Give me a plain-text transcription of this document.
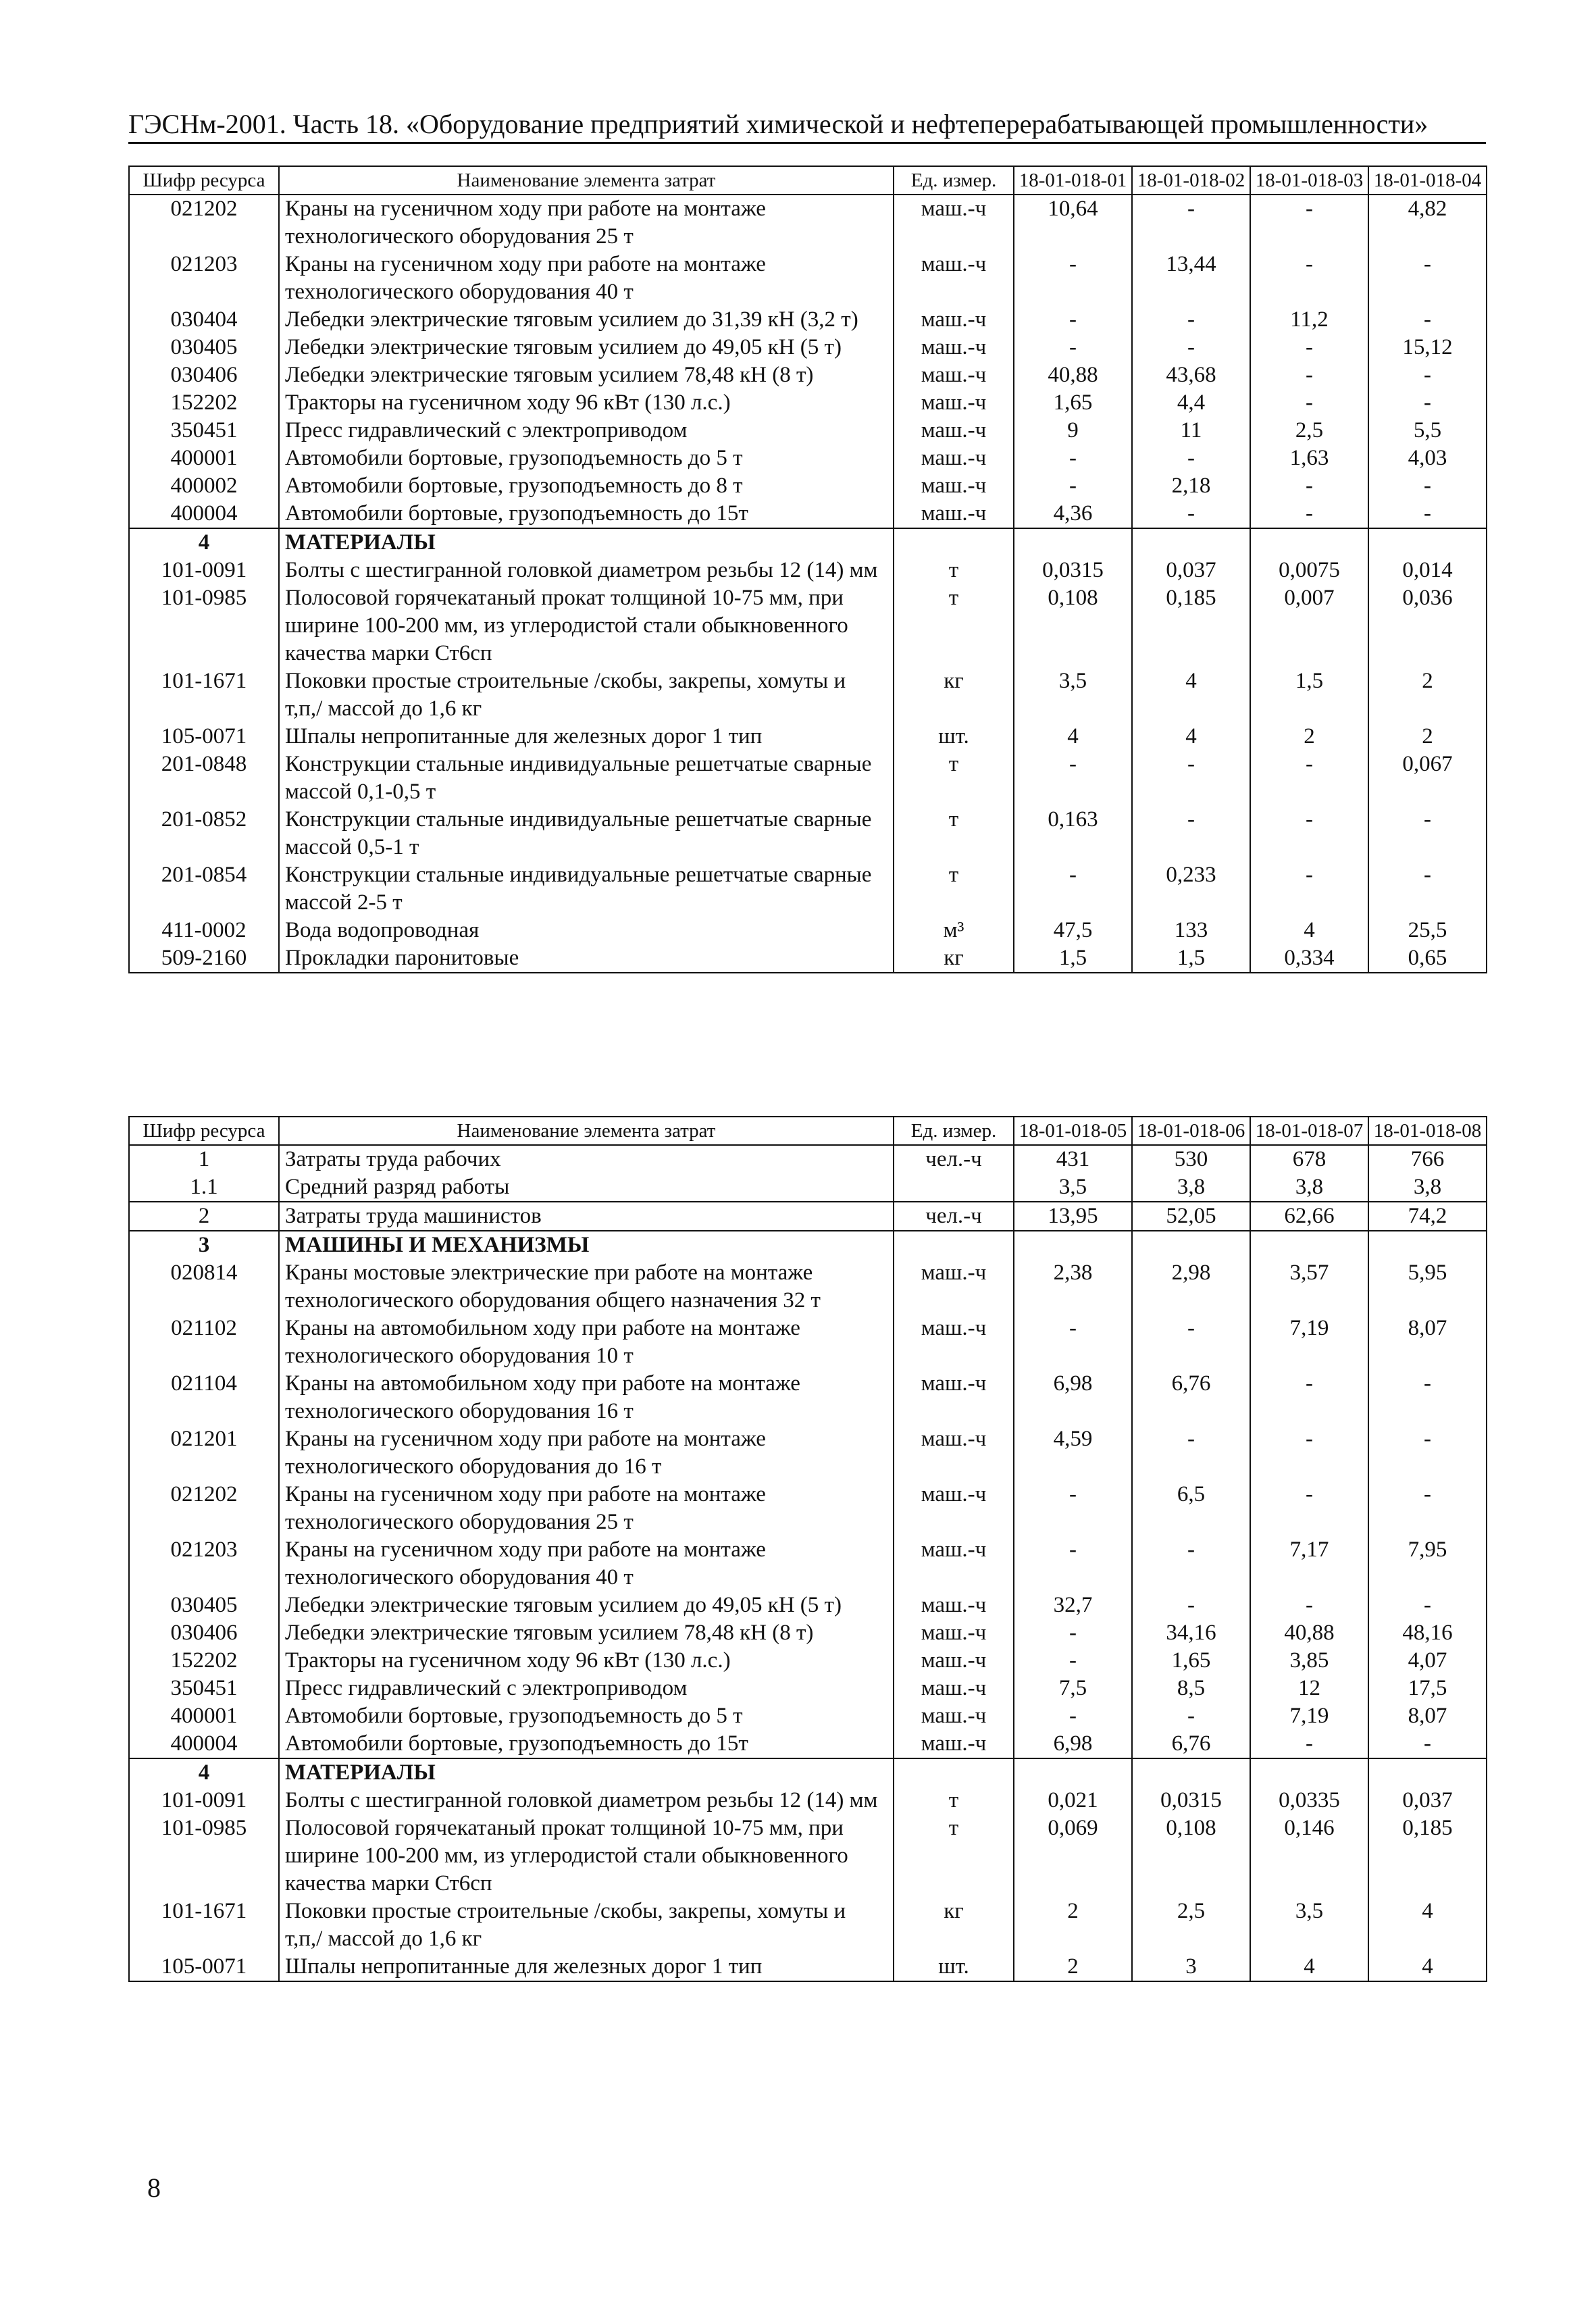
ГЭСНм-2001. Часть 18. «Оборудование предприятий химической и нефтеперерабатывающей промышленности»
Шифр ресурса	Наименование элемента затрат	Ед. измер.	18-01-018-01	18-01-018-02	18-01-018-03	18-01-018-04
021202	Краны на гусеничном ходу при работе на монтаже технологического оборудования 25 т	маш.-ч	10,64	-	-	4,82
021203	Краны на гусеничном ходу при работе на монтаже технологического оборудования 40 т	маш.-ч	-	13,44	-	-
030404	Лебедки электрические тяговым усилием до 31,39 кН (3,2 т)	маш.-ч	-	-	11,2	-
030405	Лебедки электрические тяговым усилием до 49,05 кН (5 т)	маш.-ч	-	-	-	15,12
030406	Лебедки электрические тяговым усилием 78,48 кН (8 т)	маш.-ч	40,88	43,68	-	-
152202	Тракторы на гусеничном ходу 96 кВт (130 л.с.)	маш.-ч	1,65	4,4	-	-
350451	Пресс гидравлический с электроприводом	маш.-ч	9	11	2,5	5,5
400001	Автомобили бортовые, грузоподъемность до 5 т	маш.-ч	-	-	1,63	4,03
400002	Автомобили бортовые, грузоподъемность до 8 т	маш.-ч	-	2,18	-	-
400004	Автомобили бортовые, грузоподъемность до 15т	маш.-ч	4,36	-	-	-
4	МАТЕРИАЛЫ					
101-0091	Болты с шестигранной головкой диаметром резьбы 12 (14) мм	т	0,0315	0,037	0,0075	0,014
101-0985	Полосовой горячекатаный прокат толщиной 10-75 мм, при ширине 100-200 мм, из углеродистой стали обыкновенного качества марки Ст6сп	т	0,108	0,185	0,007	0,036
101-1671	Поковки простые строительные /скобы, закрепы, хомуты и т,п,/ массой до 1,6 кг	кг	3,5	4	1,5	2
105-0071	Шпалы непропитанные для железных дорог 1 тип	шт.	4	4	2	2
201-0848	Конструкции стальные индивидуальные решетчатые сварные массой 0,1-0,5 т	т	-	-	-	0,067
201-0852	Конструкции стальные индивидуальные решетчатые сварные массой 0,5-1 т	т	0,163	-	-	-
201-0854	Конструкции стальные индивидуальные решетчатые сварные массой 2-5 т	т	-	0,233	-	-
411-0002	Вода водопроводная	м³	47,5	133	4	25,5
509-2160	Прокладки паронитовые	кг	1,5	1,5	0,334	0,65
Шифр ресурса	Наименование элемента затрат	Ед. измер.	18-01-018-05	18-01-018-06	18-01-018-07	18-01-018-08
1	Затраты труда рабочих	чел.-ч	431	530	678	766
1.1	Средний разряд работы		3,5	3,8	3,8	3,8
2	Затраты труда машинистов	чел.-ч	13,95	52,05	62,66	74,2
3	МАШИНЫ И МЕХАНИЗМЫ					
020814	Краны мостовые электрические при работе на монтаже технологического оборудования общего назначения 32 т	маш.-ч	2,38	2,98	3,57	5,95
021102	Краны на автомобильном ходу при работе на монтаже технологического оборудования 10 т	маш.-ч	-	-	7,19	8,07
021104	Краны на автомобильном ходу при работе на монтаже технологического оборудования 16 т	маш.-ч	6,98	6,76	-	-
021201	Краны на гусеничном ходу при работе на монтаже технологического оборудования до 16 т	маш.-ч	4,59	-	-	-
021202	Краны на гусеничном ходу при работе на монтаже технологического оборудования 25 т	маш.-ч	-	6,5	-	-
021203	Краны на гусеничном ходу при работе на монтаже технологического оборудования 40 т	маш.-ч	-	-	7,17	7,95
030405	Лебедки электрические тяговым усилием до 49,05 кН (5 т)	маш.-ч	32,7	-	-	-
030406	Лебедки электрические тяговым усилием 78,48 кН (8 т)	маш.-ч	-	34,16	40,88	48,16
152202	Тракторы на гусеничном ходу 96 кВт (130 л.с.)	маш.-ч	-	1,65	3,85	4,07
350451	Пресс гидравлический с электроприводом	маш.-ч	7,5	8,5	12	17,5
400001	Автомобили бортовые, грузоподъемность до 5 т	маш.-ч	-	-	7,19	8,07
400004	Автомобили бортовые, грузоподъемность до 15т	маш.-ч	6,98	6,76	-	-
4	МАТЕРИАЛЫ					
101-0091	Болты с шестигранной головкой диаметром резьбы 12 (14) мм	т	0,021	0,0315	0,0335	0,037
101-0985	Полосовой горячекатаный прокат толщиной 10-75 мм, при ширине 100-200 мм, из углеродистой стали обыкновенного качества марки Ст6сп	т	0,069	0,108	0,146	0,185
101-1671	Поковки простые строительные /скобы, закрепы, хомуты и т,п,/ массой до 1,6 кг	кг	2	2,5	3,5	4
105-0071	Шпалы непропитанные для железных дорог 1 тип	шт.	2	3	4	4
8
